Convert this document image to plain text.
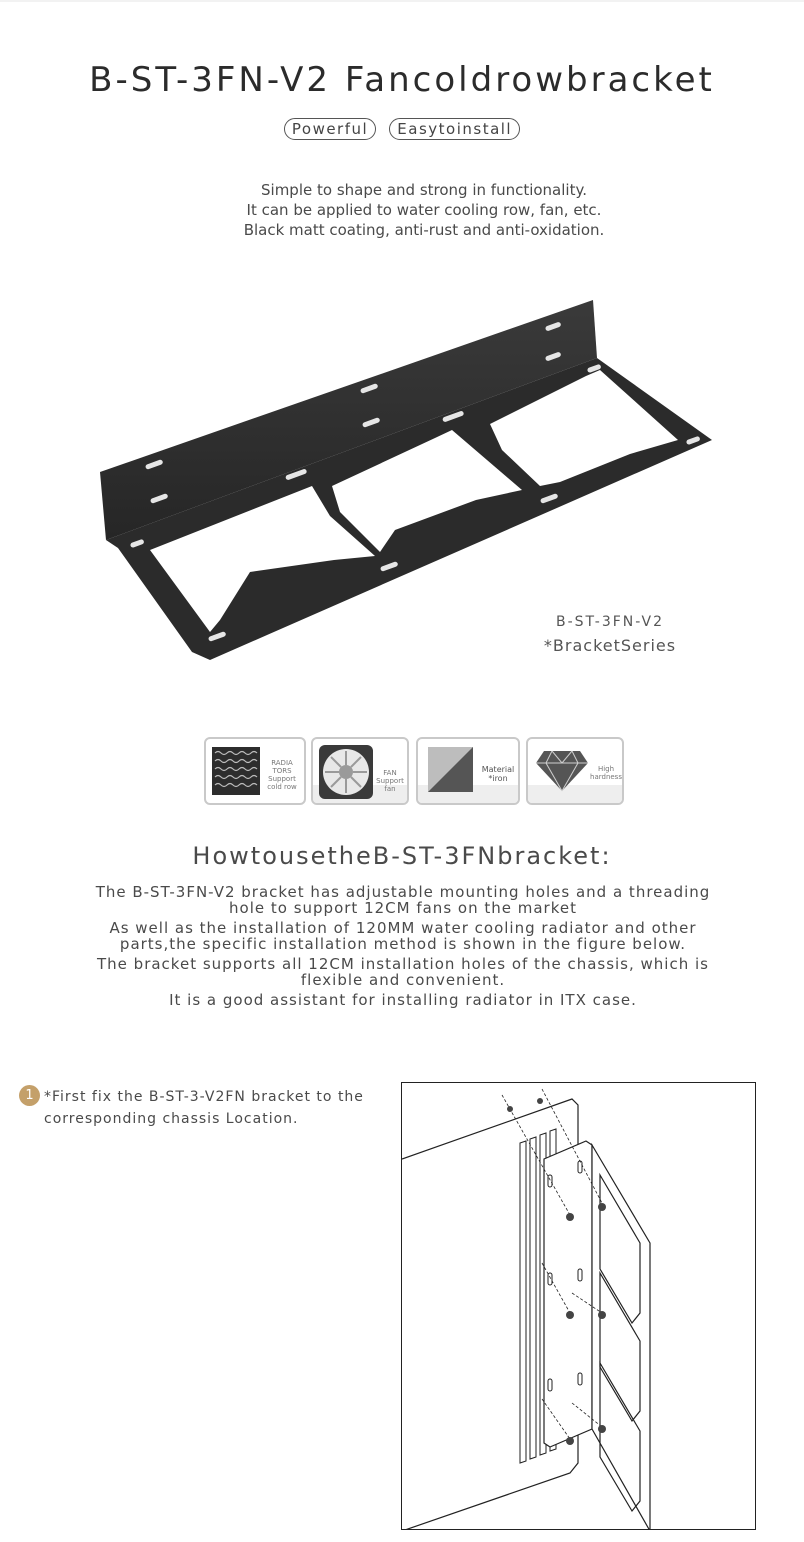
B-ST-3FN-V2 Fancoldrowbracket
Powerful Easytoinstall
Simple to shape and strong in functionality.
It can be applied to water cooling row, fan, etc.
Black matt coating, anti-rust and anti-oxidation.
B-ST-3FN-V2
*BracketSeries
RADIA TORS Support cold row
FAN Support fan
Material *iron
High hardness
HowtousetheB-ST-3FNbracket:

The B-ST-3FN-V2 bracket has adjustable mounting holes and a threading hole to support 12CM fans on the market

As well as the installation of 120MM water cooling radiator and other parts,the specific installation method is shown in the figure below.

The bracket supports all 12CM installation holes of the chassis, which is flexible and convenient.

It is a good assistant for installing radiator in ITX case.

1 *First fix the B-ST-3-V2FN bracket to the corresponding chassis Location.
